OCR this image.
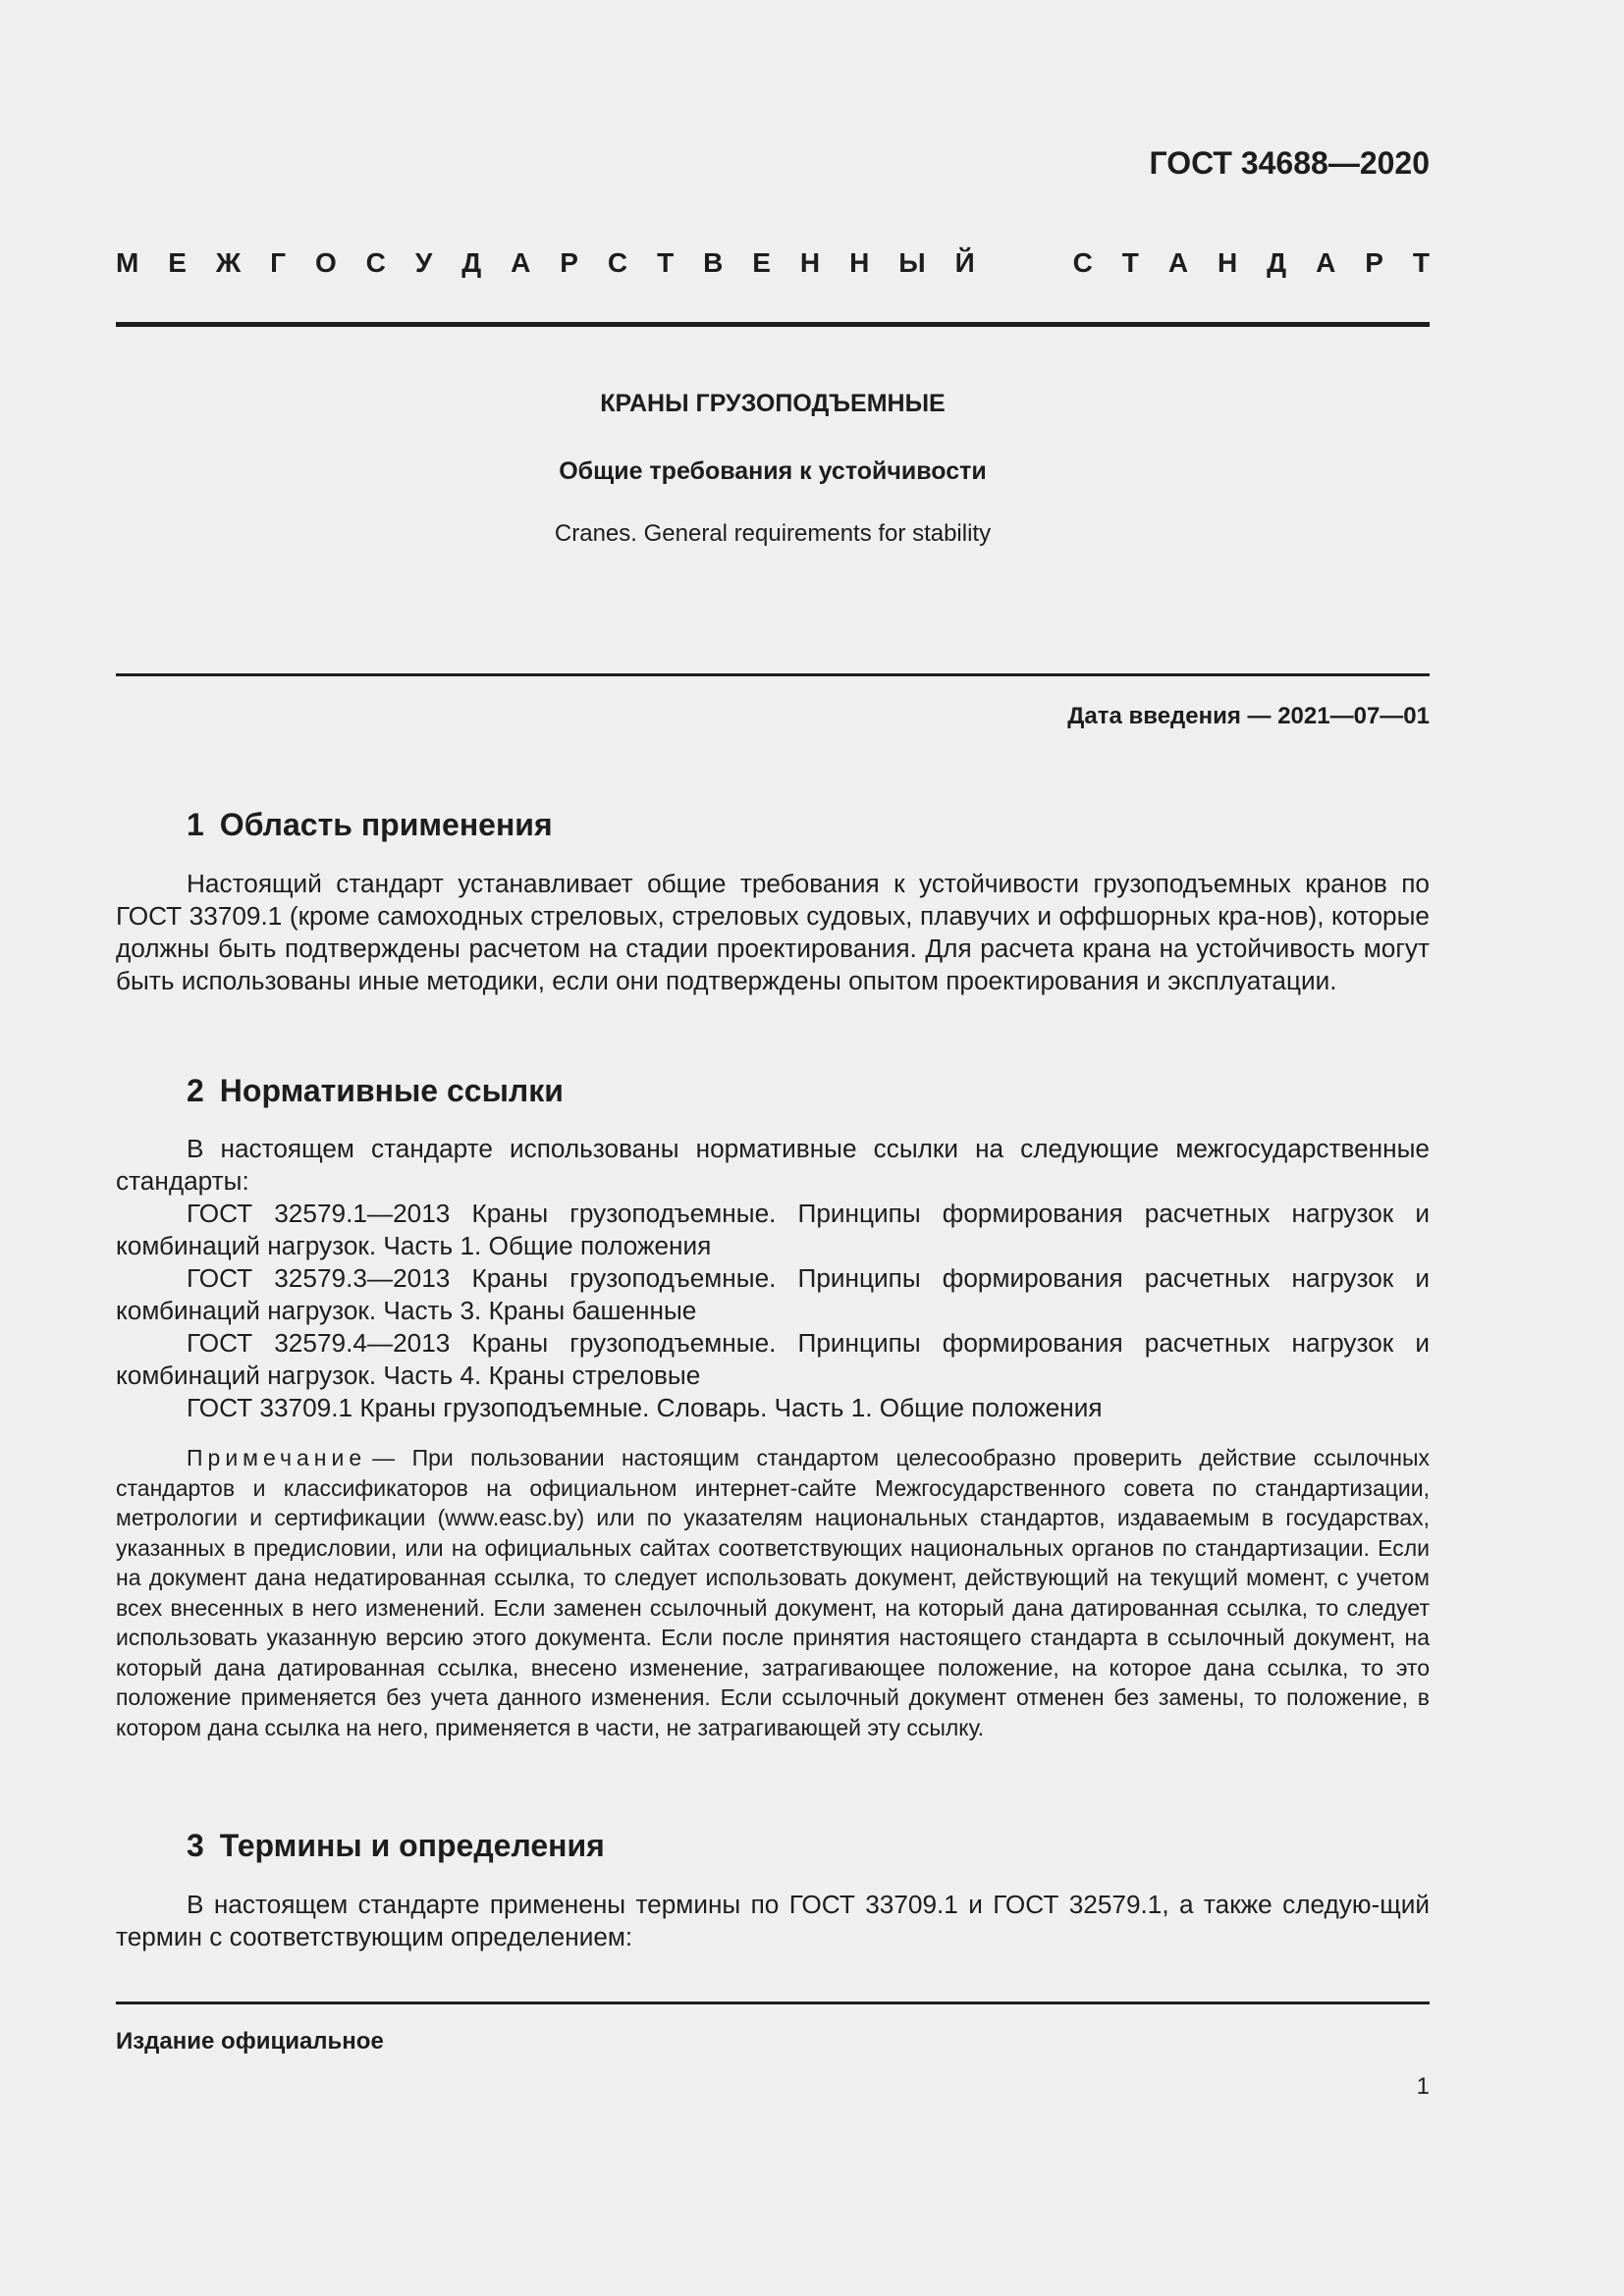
ГОСТ 34688—2020
М Е Ж Г О С У Д А Р С Т В Е Н Н Ы Й	С Т А Н Д А Р Т
КРАНЫ ГРУЗОПОДЪЕМНЫЕ
Общие требования к устойчивости
Cranes. General requirements for stability
Дата введения — 2021—07—01
1 Область применения

Настоящий стандарт устанавливает общие требования к устойчивости грузоподъемных кранов по ГОСТ 33709.1 (кроме самоходных стреловых, стреловых судовых, плавучих и оффшорных кра-нов), которые должны быть подтверждены расчетом на стадии проектирования. Для расчета крана на устойчивость могут быть использованы иные методики, если они подтверждены опытом проектирования и эксплуатации.

2 Нормативные ссылки

В настоящем стандарте использованы нормативные ссылки на следующие межгосударственные стандарты:

ГОСТ 32579.1—2013 Краны грузоподъемные. Принципы формирования расчетных нагрузок и комбинаций нагрузок. Часть 1. Общие положения

ГОСТ 32579.3—2013 Краны грузоподъемные. Принципы формирования расчетных нагрузок и комбинаций нагрузок. Часть 3. Краны башенные

ГОСТ 32579.4—2013 Краны грузоподъемные. Принципы формирования расчетных нагрузок и комбинаций нагрузок. Часть 4. Краны стреловые

ГОСТ 33709.1 Краны грузоподъемные. Словарь. Часть 1. Общие положения

Примечание — При пользовании настоящим стандартом целесообразно проверить действие ссылочных стандартов и классификаторов на официальном интернет-сайте Межгосударственного совета по стандартизации, метрологии и сертификации (www.easc.by) или по указателям национальных стандартов, издаваемым в государствах, указанных в предисловии, или на официальных сайтах соответствующих национальных органов по стандартизации. Если на документ дана недатированная ссылка, то следует использовать документ, действующий на текущий момент, с учетом всех внесенных в него изменений. Если заменен ссылочный документ, на который дана датированная ссылка, то следует использовать указанную версию этого документа. Если после принятия настоящего стандарта в ссылочный документ, на который дана датированная ссылка, внесено изменение, затрагивающее положение, на которое дана ссылка, то это положение применяется без учета данного изменения. Если ссылочный документ отменен без замены, то положение, в котором дана ссылка на него, применяется в части, не затрагивающей эту ссылку.

3 Термины и определения

В настоящем стандарте применены термины по ГОСТ 33709.1 и ГОСТ 32579.1, а также следую-щий термин с соответствующим определением:

Издание официальное
1
